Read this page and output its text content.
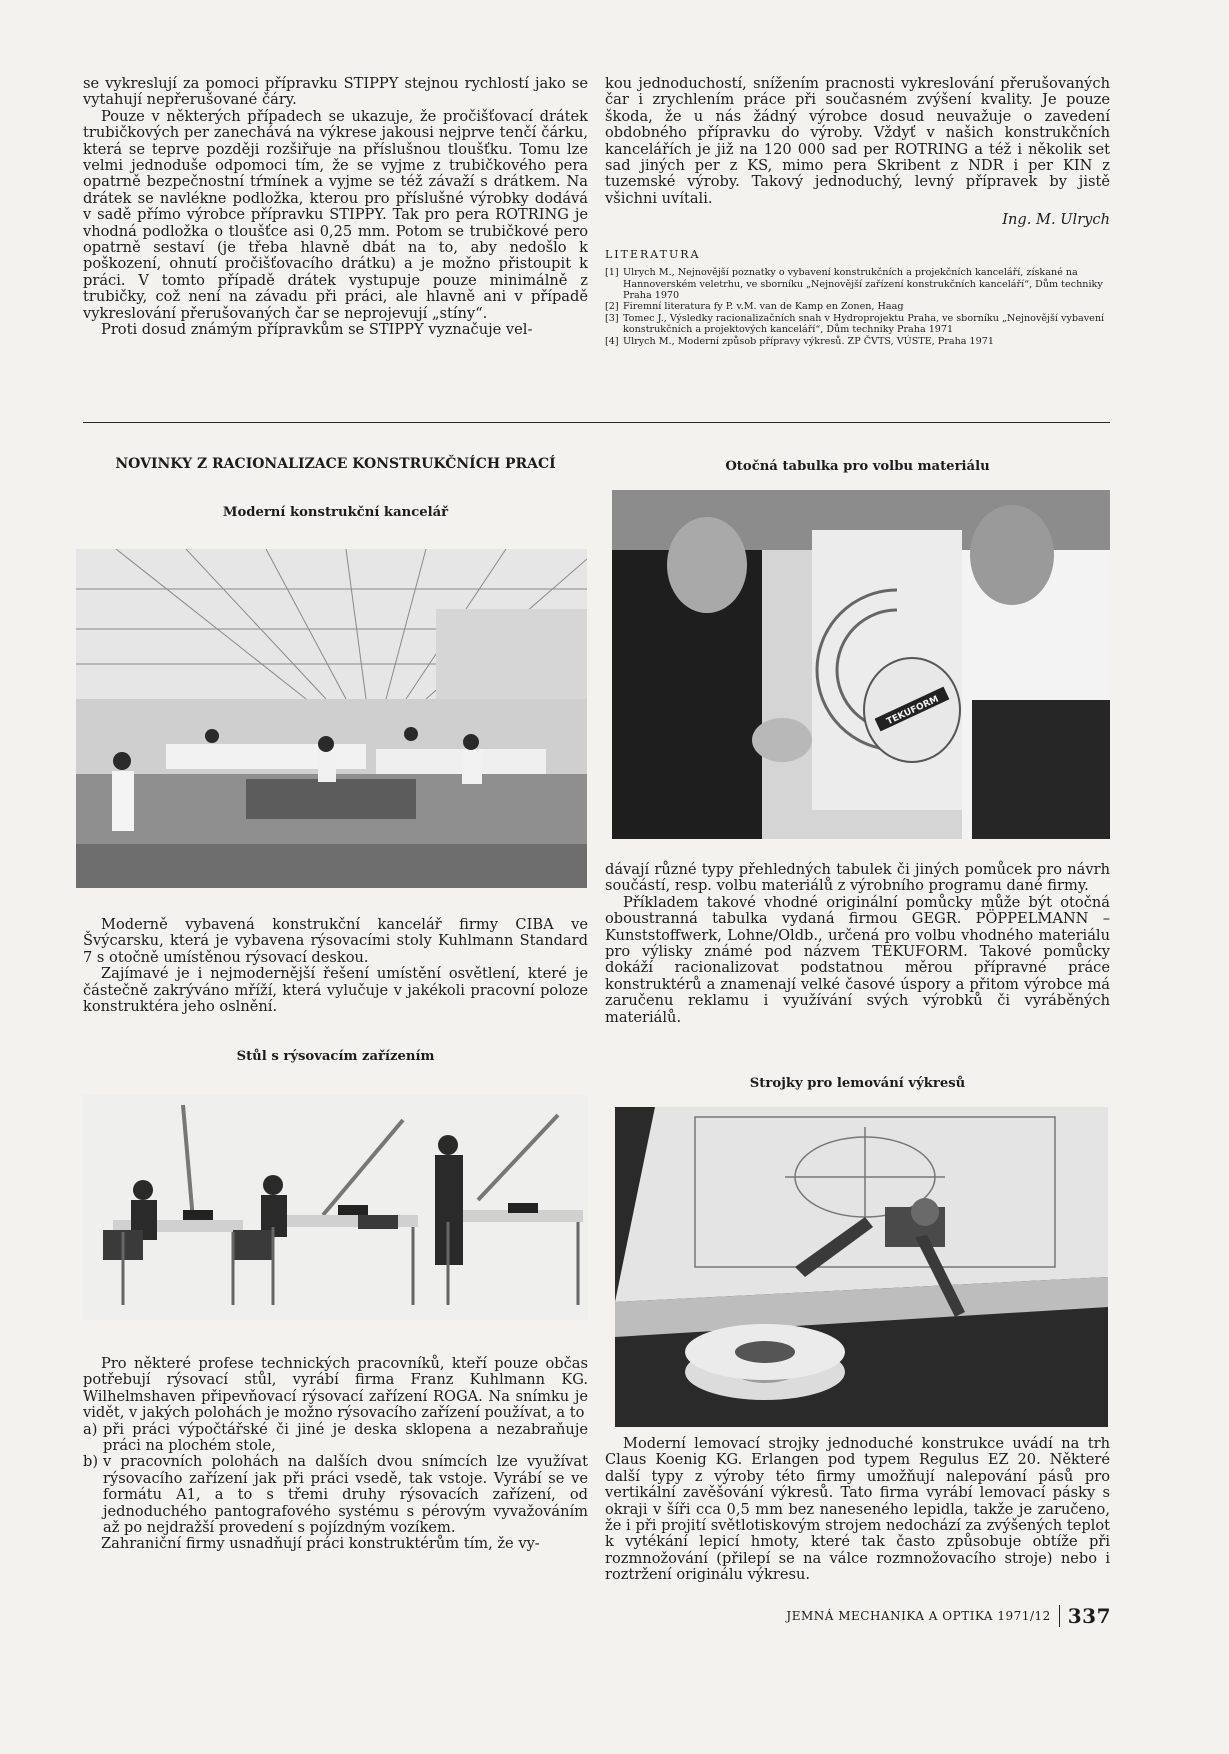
se vykreslují za pomoci přípravku STIPPY stejnou rychlostí jako se vytahují nepřerušované čáry.

Pouze v některých případech se ukazuje, že pročišťovací drátek trubičkových per zanechává na výkrese jakousi nejprve tenčí čárku, která se teprve později rozšiřuje na příslušnou tloušťku. Tomu lze velmi jednoduše odpomoci tím, že se vyjme z trubičkového pera opatrně bezpečnostní tŕmínek a vyjme se též závaží s drátkem. Na drátek se navlékne podložka, kterou pro příslušné výrobky dodává v sadě přímo výrobce přípravku STIPPY. Tak pro pera ROTRING je vhodná podložka o tloušťce asi 0,25 mm. Potom se trubičkové pero opatrně sestaví (je třeba hlavně dbát na to, aby nedošlo k poškození, ohnutí pročišťovacího drátku) a je možno přistoupit k práci. V tomto případě drátek vystupuje pouze minimálně z trubičky, což není na závadu při práci, ale hlavně ani v případě vykreslování přerušovaných čar se neprojevují „stíny“.

Proti dosud známým přípravkům se STIPPY vyznačuje vel-

kou jednoduchostí, snížením pracnosti vykreslování přerušovaných čar i zrychlením práce při současném zvýšení kvality. Je pouze škoda, že u nás žádný výrobce dosud neuvažuje o zavedení obdobného přípravku do výroby. Vždyť v našich konstrukčních kancelářích je již na 120 000 sad per ROTRING a též i několik set sad jiných per z KS, mimo pera Skribent z NDR i per KIN z tuzemské výroby. Takový jednoduchý, levný přípravek by jistě všichni uvítali.

Ing. M. Ulrych
LITERATURA
[1] Ulrych M., Nejnovější poznatky o vybavení konstrukčních a projekčních kanceláří, získané na Hannoverském veletrhu, ve sborníku „Nejnovější zařízení konstrukčních kanceláří“, Dům techniky Praha 1970
[2] Firemní literatura fy P. v.M. van de Kamp en Zonen, Haag
[3] Tomec J., Výsledky racionalizačních snah v Hydroprojektu Praha, ve sborníku „Nejnovější vybavení konstrukčních a projektových kanceláří“, Dům techniky Praha 1971
[4] Ulrych M., Moderní způsob přípravy výkresů. ZP ČVTS, VÚSTE, Praha 1971
NOVINKY Z RACIONALIZACE KONSTRUKČNÍCH PRACÍ
Moderní konstrukční kancelář

Moderně vybavená konstrukční kancelář firmy CIBA ve Švýcarsku, která je vybavena rýsovacími stoly Kuhlmann Standard 7 s otočně umístěnou rýsovací deskou.

Zajímavé je i nejmodernější řešení umístění osvětlení, které je částečně zakrýváno mříží, která vylučuje v jakékoli pracovní poloze konstruktéra jeho oslnění.

Stůl s rýsovacím zařízením

Pro některé profese technických pracovníků, kteří pouze občas potřebují rýsovací stůl, vyrábí firma Franz Kuhlmann KG. Wilhelmshaven připevňovací rýsovací zařízení ROGA. Na snímku je vidět, v jakých polohách je možno rýsovacího zařízení používat, a to

a) při práci výpočtářské či jiné je deska sklopena a nezabraňuje práci na plochém stole,
b) v pracovních polohách na dalších dvou snímcích lze využívat rýsovacího zařízení jak při práci vsedě, tak vstoje. Vyrábí se ve formátu A1, a to s třemi druhy rýsovacích zařízení, od jednoduchého pantografového systému s pérovým vyvažováním až po nejdražší provedení s pojízdným vozíkem.

Zahraniční firmy usnadňují práci konstruktérům tím, že vy-

Otočná tabulka pro volbu materiálu
TEKUFORM

dávají různé typy přehledných tabulek či jiných pomůcek pro návrh součástí, resp. volbu materiálů z výrobního programu dané firmy.

Příkladem takové vhodné originální pomůcky může být otočná oboustranná tabulka vydaná firmou GEGR. PÖPPELMANN – Kunststoffwerk, Lohne/Oldb., určená pro volbu vhodného materiálu pro výlisky známé pod názvem TEKUFORM. Takové pomůcky dokáží racionalizovat podstatnou měrou přípravné práce konstruktérů a znamenají velké časové úspory a přitom výrobce má zaručenu reklamu i využívání svých výrobků či vyráběných materiálů.

Strojky pro lemování výkresů

Moderní lemovací strojky jednoduché konstrukce uvádí na trh Claus Koenig KG. Erlangen pod typem Regulus EZ 20. Některé další typy z výroby této firmy umožňují nalepování pásů pro vertikální zavěšování výkresů. Tato firma vyrábí lemovací pásky s okraji v šíři cca 0,5 mm bez naneseného lepidla, takže je zaručeno, že i při projití světlotiskovým strojem nedochází za zvýšených teplot k vytékání lepicí hmoty, které tak často způsobuje obtíže při rozmnožování (přilepí se na válce rozmnožovacího stroje) nebo i roztržení originálu výkresu.

JEMNÁ MECHANIKA A OPTIKA 1971/12 337
